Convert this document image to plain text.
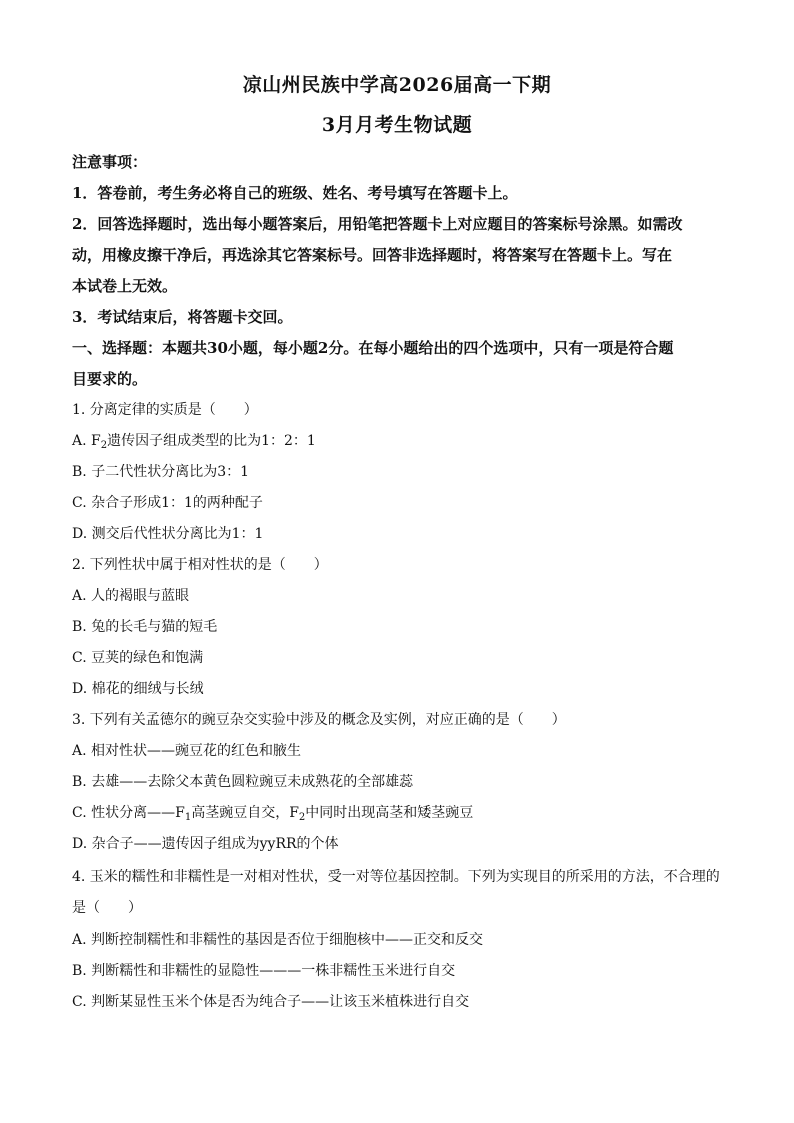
凉山州民族中学高2026届高一下期
3月月考生物试题
注意事项：
1．答卷前，考生务必将自己的班级、姓名、考号填写在答题卡上。
2．回答选择题时，选出每小题答案后，用铅笔把答题卡上对应题目的答案标号涂黑。如需改
动，用橡皮擦干净后，再选涂其它答案标号。回答非选择题时，将答案写在答题卡上。写在
本试卷上无效。
3．考试结束后，将答题卡交回。
一、选择题：本题共30小题，每小题2分。在每小题给出的四个选项中，只有一项是符合题
目要求的。
1. 分离定律的实质是（　　）
A. $F_2$遗传因子组成类型的比为1：2：1
B. 子二代性状分离比为3：1
C. 杂合子形成1：1的两种配子
D. 测交后代性状分离比为1：1
2. 下列性状中属于相对性状的是（　　）
A. 人的褐眼与蓝眼
B. 兔的长毛与猫的短毛
C. 豆荚的绿色和饱满
D. 棉花的细绒与长绒
3. 下列有关孟德尔的豌豆杂交实验中涉及的概念及实例，对应正确的是（　　）
A. 相对性状——豌豆花的红色和腋生
B. 去雄——去除父本黄色圆粒豌豆未成熟花的全部雄蕊
C. 性状分离$——F_1$高茎豌豆自交，$F_2$中同时出现高茎和矮茎豌豆
D. 杂合子——遗传因子组成为yyRR的个体
4. 玉米的糯性和非糯性是一对相对性状，受一对等位基因控制。下列为实现目的所采用的方法，不合理的
是（　　）
A. 判断控制糯性和非糯性的基因是否位于细胞核中——正交和反交
B. 判断糯性和非糯性的显隐性———一株非糯性玉米进行自交
C. 判断某显性玉米个体是否为纯合子——让该玉米植株进行自交
